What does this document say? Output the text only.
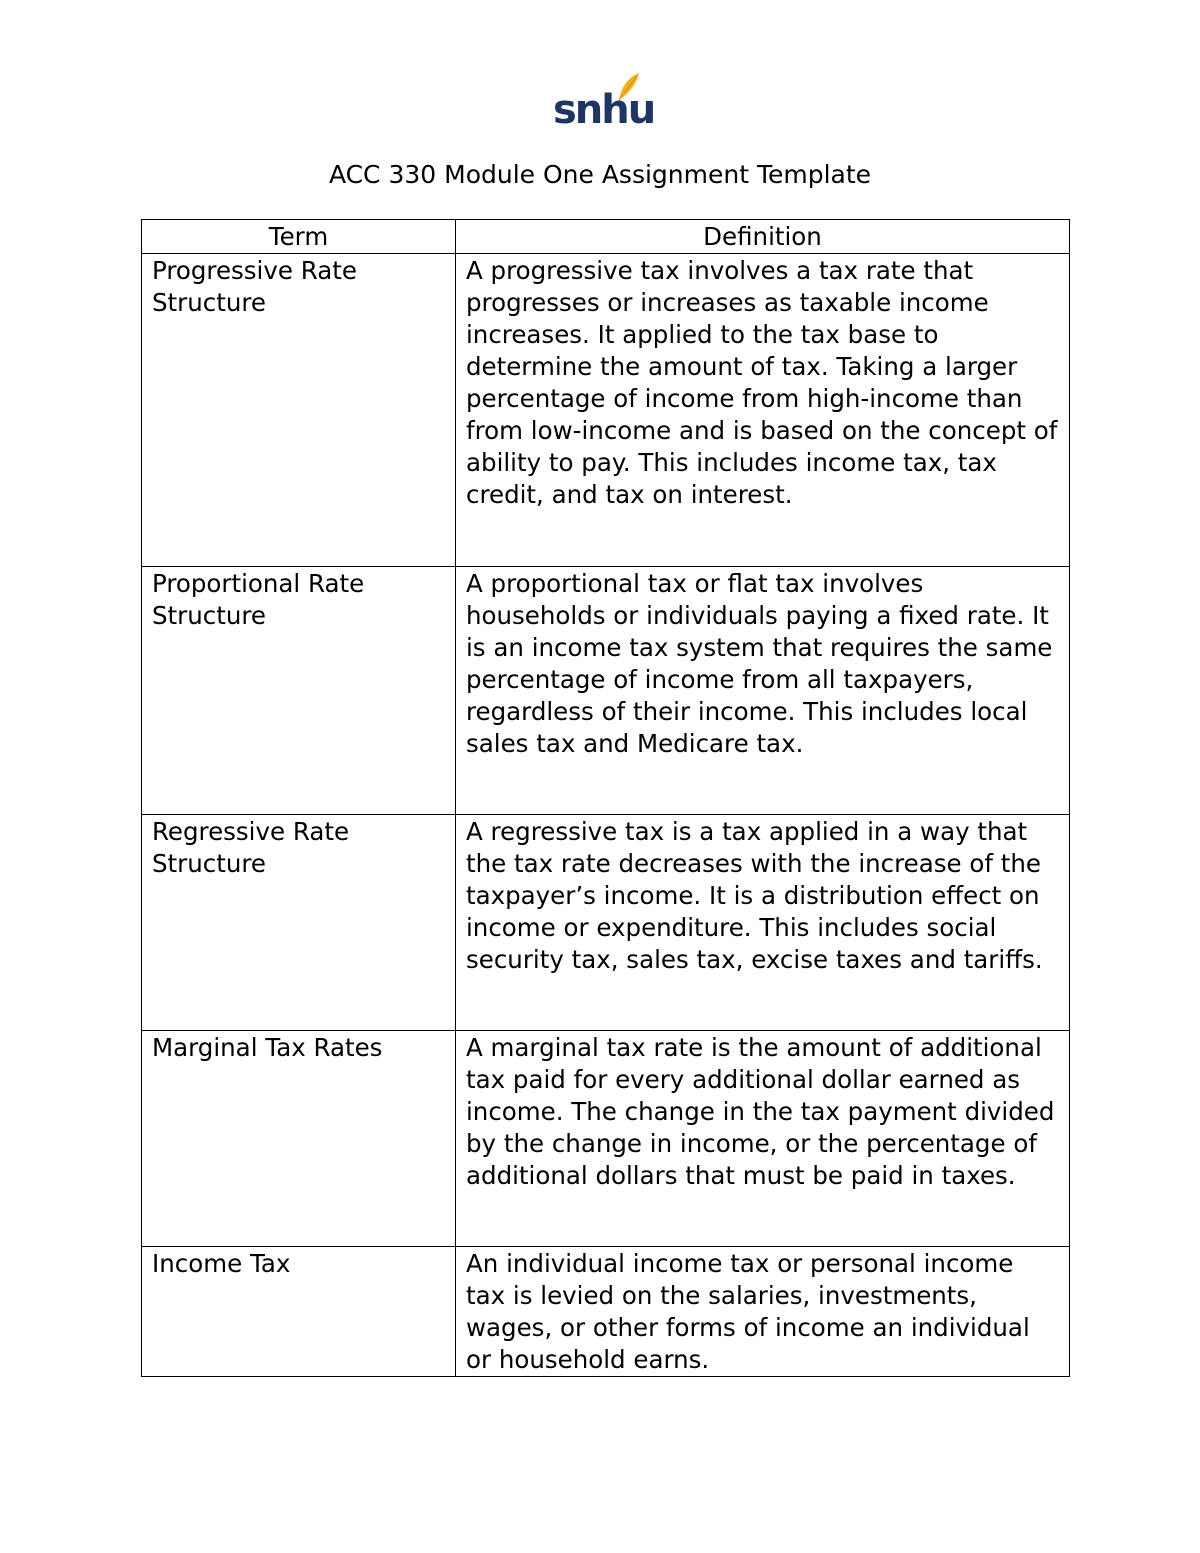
snhu
ACC 330 Module One Assignment Template
Term	Definition
Progressive Rate Structure	A progressive tax involves a tax rate that progresses or increases as taxable income increases. It applied to the tax base to determine the amount of tax. Taking a larger percentage of income from high-income than from low-income and is based on the concept of ability to pay. This includes income tax, tax credit, and tax on interest.
Proportional Rate Structure	A proportional tax or flat tax involves households or individuals paying a fixed rate. It is an income tax system that requires the same percentage of income from all taxpayers, regardless of their income. This includes local sales tax and Medicare tax.
Regressive Rate Structure	A regressive tax is a tax applied in a way that the tax rate decreases with the increase of the taxpayer’s income. It is a distribution effect on income or expenditure. This includes social security tax, sales tax, excise taxes and tariffs.
Marginal Tax Rates	A marginal tax rate is the amount of additional tax paid for every additional dollar earned as income. The change in the tax payment divided by the change in income, or the percentage of additional dollars that must be paid in taxes.
Income Tax	An individual income tax or personal income tax is levied on the salaries, investments, wages, or other forms of income an individual or household earns.
